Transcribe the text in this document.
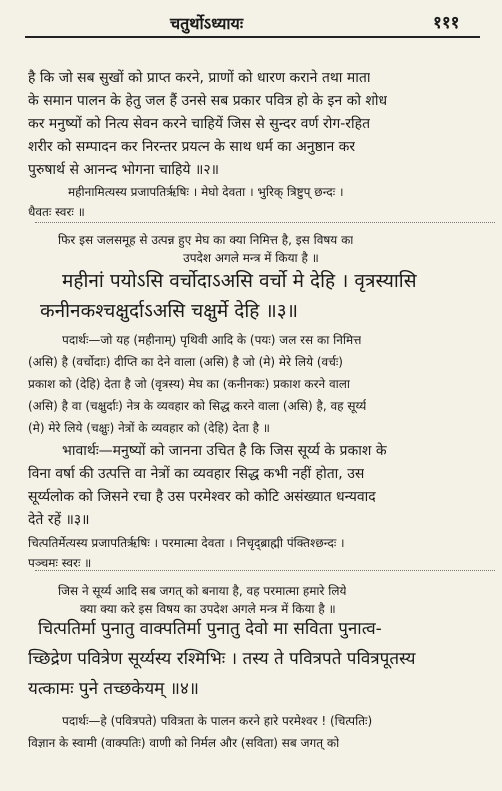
चतुर्थोऽध्यायः	१११
है कि जो सब सुखों को प्राप्त करने, प्राणों को धारण कराने तथा माता
के समान पालन के हेतु जल हैं उनसे सब प्रकार पवित्र हो के इन को शोध
कर मनुष्यों को नित्य सेवन करने चाहियें जिस से सुन्दर वर्ण रोग-रहित
शरीर को सम्पादन कर निरन्तर प्रयत्न के साथ धर्म का अनुष्ठान कर
पुरुषार्थ से आनन्द भोगना चाहिये ॥२॥
महीनामित्यस्य प्रजापतिर्ऋषिः । मेघो देवता । भुरिक् त्रिष्टुप् छन्दः ।
धैवतः स्वरः ॥
फिर इस जलसमूह से उत्पन्न हुए मेघ का क्या निमित्त है, इस विषय का
उपदेश अगले मन्त्र में किया है ॥
महीनां पयोऽसि वर्चोदाऽअसि वर्चो मे देहि । वृत्रस्यासि
कनीनकश्चक्षुर्दाऽअसि चक्षुर्मे देहि ॥३॥
पदार्थः—जो यह (महीनाम्) पृथिवी आदि के (पयः) जल रस का निमित्त
(असि) है (वर्चोदाः) दीप्ति का देने वाला (असि) है जो (मे) मेरे लिये (वर्चः)
प्रकाश को (देहि) देता है जो (वृत्रस्य) मेघ का (कनीनकः) प्रकाश करने वाला
(असि) है वा (चक्षुर्दाः) नेत्र के व्यवहार को सिद्ध करने वाला (असि) है, वह सूर्य्य
(मे) मेरे लिये (चक्षुः) नेत्रों के व्यवहार को (देहि) देता है ॥
भावार्थः—मनुष्यों को जानना उचित है कि जिस सूर्य्य के प्रकाश के
विना वर्षा की उत्पत्ति वा नेत्रों का व्यवहार सिद्ध कभी नहीं होता, उस
सूर्य्यलोक को जिसने रचा है उस परमेश्वर को कोटि असंख्यात धन्यवाद
देते रहें ॥३॥
चित्पतिर्मेत्यस्य प्रजापतिर्ऋषिः । परमात्मा देवता । निचृद्ब्राह्मी पंक्तिश्छन्दः ।
पञ्चमः स्वरः ॥
जिस ने सूर्य्य आदि सब जगत् को बनाया है, वह परमात्मा हमारे लिये
क्या क्या करे इस विषय का उपदेश अगले मन्त्र में किया है ॥
चित्पतिर्मा पुनातु वाक्पतिर्मा पुनातु देवो मा सविता पुनात्व-
च्छिद्रेण पवित्रेण सूर्य्यस्य रश्मिभिः । तस्य ते पवित्रपते पवित्रपूतस्य
यत्कामः पुने तच्छकेयम् ॥४॥
पदार्थः—हे (पवित्रपते) पवित्रता के पालन करने हारे परमेश्वर ! (चित्पतिः)
विज्ञान के स्वामी (वाक्पतिः) वाणी को निर्मल और (सविता) सब जगत् को
